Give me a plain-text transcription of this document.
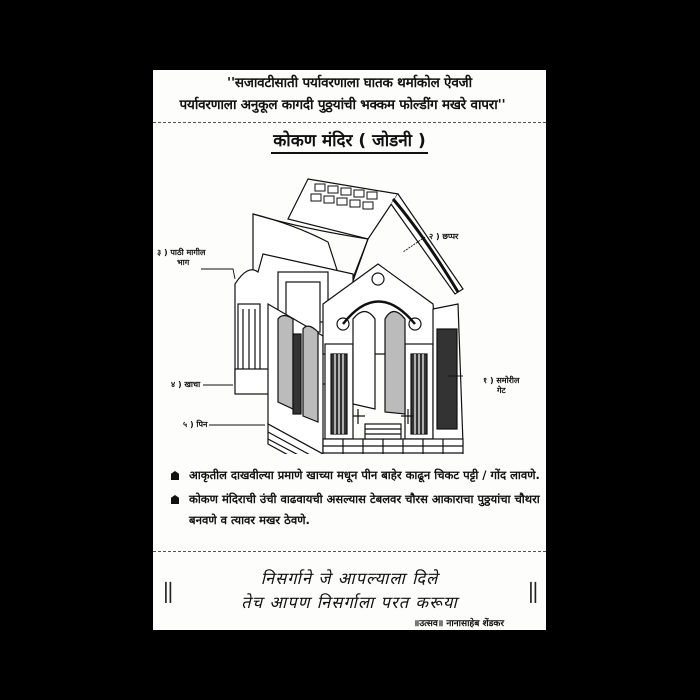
''सजावटीसाती पर्यावरणाला घातक थर्माकोल ऐवजी
पर्यावरणाला अनुकूल कागदी पुठ्ठयांची भक्कम फोल्डींग मखरे वापरा''
कोकण मंदिर ( जोडनी )
२ ) छप्पर
३ ) पाठी मागील
भाग
४ ) खाचा
५ ) पिन
१ ) समोरील
गेट
आकृतील दाखवील्या प्रमाणे खाच्या मधून पीन बाहेर काढून चिकट पट्टी / गोंद लावणे.
कोकण मंदिराची उंची वाढवायची असल्यास टेबलवर चौरस आकाराचा पुठ्ठयांचा चौथरा बनवणे व त्यावर मखर ठेवणे.
॥	॥
निसर्गाने जे आपल्याला दिले
तेच आपण निसर्गाला परत करूया
॥उत्सव॥ नानासाहेब शेंडकर
